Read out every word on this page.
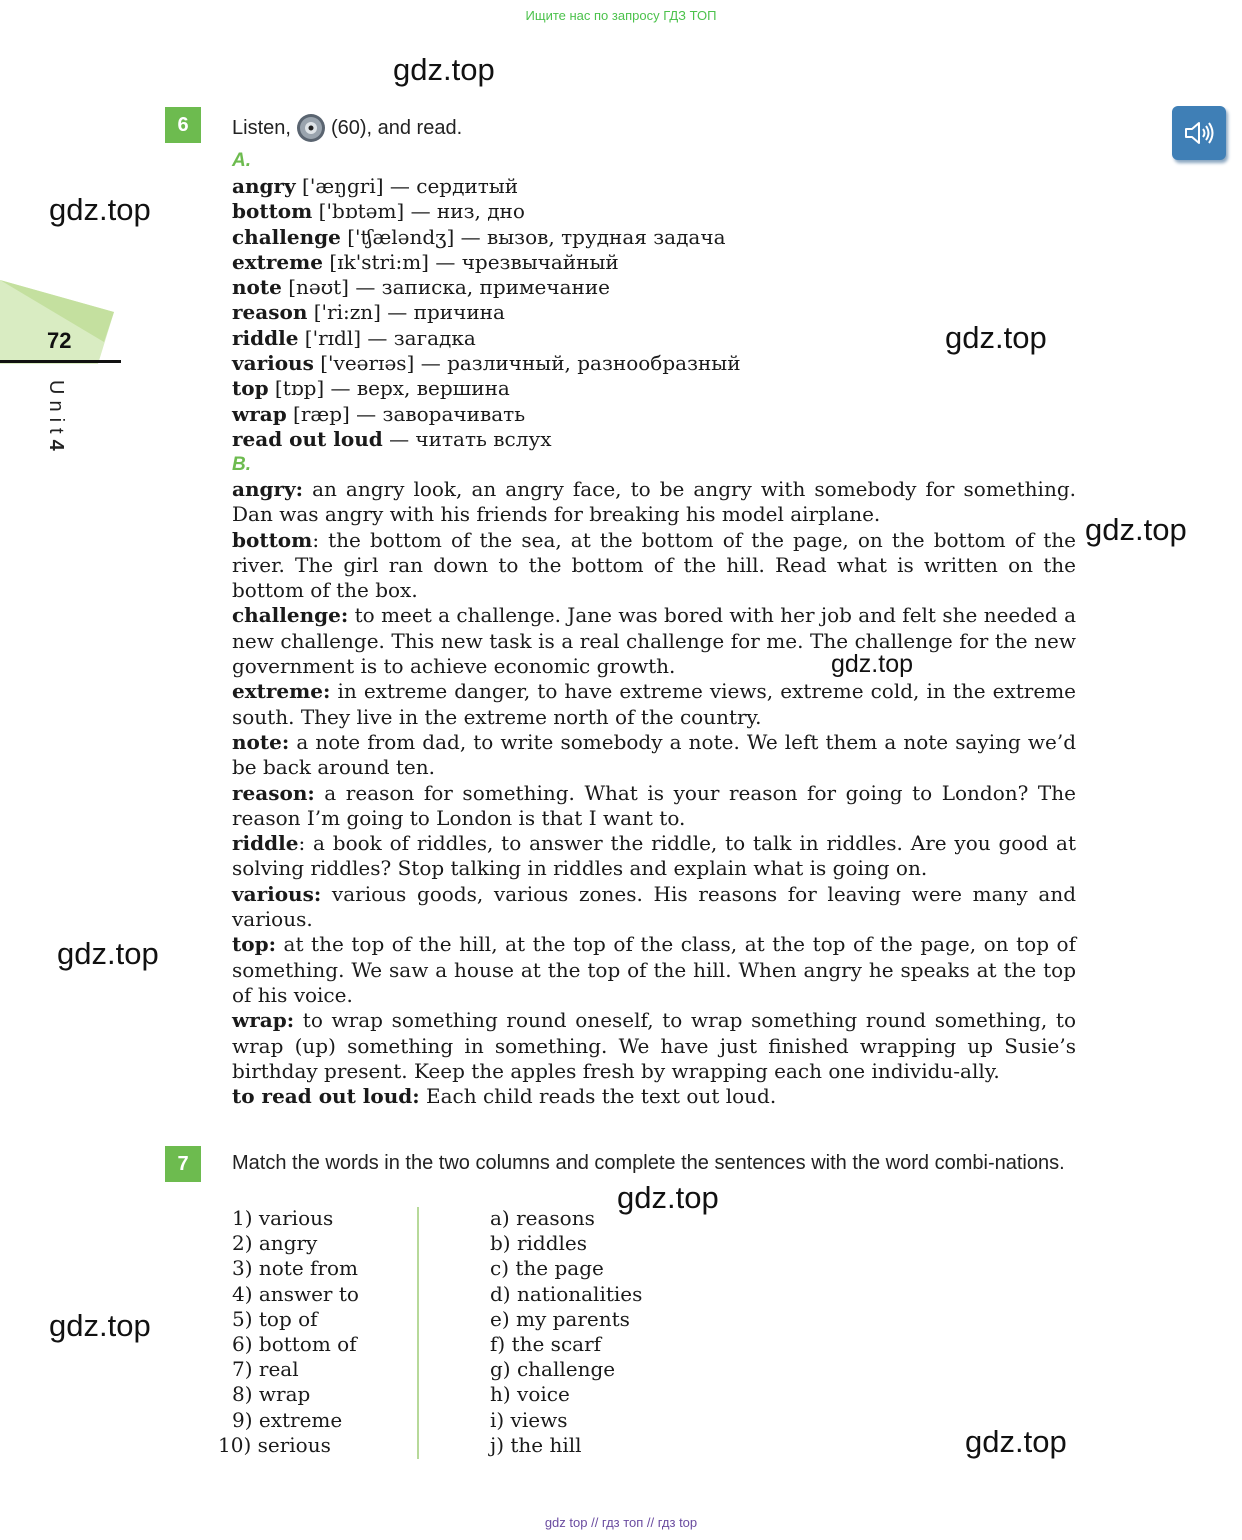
Ищите нас по запросу ГДЗ ТОП
72
Unit4
6	Listen, (60), and read.
A.
angry ['æŋgri] — сердитый
bottom ['bɒtəm] — низ, дно
challenge ['ʧæləndʒ] — вызов, трудная задача
extreme [ɪk'stri:m] — чрезвычайный
note [nəʊt] — записка, примечание
reason ['ri:zn] — причина
riddle ['rɪdl] — загадка
various ['veərɪəs] — различный, разнообразный
top [tɒp] — верх, вершина
wrap [ræp] — заворачивать
read out loud — читать вслух
B.

angry: an angry look, an angry face, to be angry with somebody for something. Dan was angry with his friends for breaking his model airplane.

bottom: the bottom of the sea, at the bottom of the page, on the bottom of the river. The girl ran down to the bottom of the hill. Read what is written on the bottom of the box.

challenge: to meet a challenge. Jane was bored with her job and felt she needed a new challenge. This new task is a real challenge for me. The challenge for the new government is to achieve economic growth.

extreme: in extreme danger, to have extreme views, extreme cold, in the extreme south. They live in the extreme north of the country.

note: a note from dad, to write somebody a note. We left them a note saying we’d be back around ten.

reason: a reason for something. What is your reason for going to London? The reason I’m going to London is that I want to.

riddle: a book of riddles, to answer the riddle, to talk in riddles. Are you good at solving riddles? Stop talking in riddles and explain what is going on.

various: various goods, various zones. His reasons for leaving were many and various.

top: at the top of the hill, at the top of the class, at the top of the page, on top of something. We saw a house at the top of the hill. When angry he speaks at the top of his voice.

wrap: to wrap something round oneself, to wrap something round something, to wrap (up) something in something. We have just finished wrapping up Susie’s birthday present. Keep the apples fresh by wrapping each one individu-ally.

to read out loud: Each child reads the text out loud.

7	Match the words in the two columns and complete the sentences with the word combi-nations.
1) various
2) angry
3) note from
4) answer to
5) top of
6) bottom of
7) real
8) wrap
9) extreme
10) serious
a) reasons
b) riddles
c) the page
d) nationalities
e) my parents
f) the scarf
g) challenge
h) voice
i) views
j) the hill
gdz.top
gdz.top
gdz.top
gdz.top
gdz.top
gdz.top
gdz.top
gdz.top
gdz.top
gdz top // гдз топ // гдз top
